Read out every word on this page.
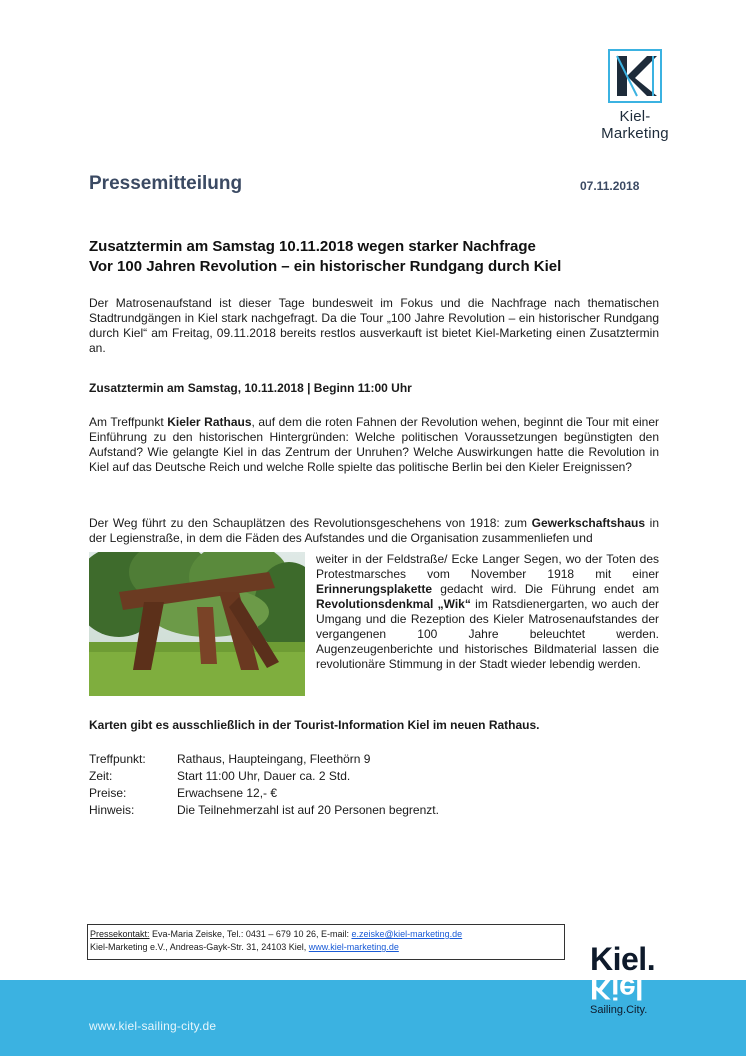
Kiel-Marketing
Pressemitteilung	07.11.2018
Zusatztermin am Samstag 10.11.2018 wegen starker Nachfrage
Vor 100 Jahren Revolution – ein historischer Rundgang durch Kiel
Der Matrosenaufstand ist dieser Tage bundesweit im Fokus und die Nachfrage nach thematischen Stadtrundgängen in Kiel stark nachgefragt. Da die Tour „100 Jahre Revolution – ein historischer Rundgang durch Kiel“ am Freitag, 09.11.2018 bereits restlos ausverkauft ist bietet Kiel-Marketing einen Zusatztermin an.
Zusatztermin am Samstag, 10.11.2018 | Beginn 11:00 Uhr
Am Treffpunkt Kieler Rathaus, auf dem die roten Fahnen der Revolution wehen, beginnt die Tour mit einer Einführung zu den historischen Hintergründen: Welche politischen Voraussetzungen begünstigten den Aufstand? Wie gelangte Kiel in das Zentrum der Unruhen? Welche Auswirkungen hatte die Revolution in Kiel auf das Deutsche Reich und welche Rolle spielte das politische Berlin bei den Kieler Ereignissen?
Der Weg führt zu den Schauplätzen des Revolutionsgeschehens von 1918: zum Gewerkschaftshaus in der Legienstraße, in dem die Fäden des Aufstandes und die Organisation zusammenliefen und
weiter in der Feldstraße/ Ecke Langer Segen, wo der Toten des Protestmarsches vom November 1918 mit einer Erinnerungsplakette gedacht wird. Die Führung endet am Revolutionsdenkmal „Wik“ im Ratsdienergarten, wo auch der Umgang und die Rezeption des Kieler Matrosenaufstandes der vergangenen 100 Jahre beleuchtet werden. Augenzeugenberichte und historisches Bildmaterial lassen die revolutionäre Stimmung in der Stadt wieder lebendig werden.
Karten gibt es ausschließlich in der Tourist-Information Kiel im neuen Rathaus.
Treffpunkt:	Rathaus, Haupteingang, Fleethörn 9
Zeit:	Start 11:00 Uhr, Dauer ca. 2 Std.
Preise:	Erwachsene 12,- €
Hinweis:	Die Teilnehmerzahl ist auf 20 Personen begrenzt.
Pressekontakt: Eva-Maria Zeiske, Tel.: 0431 – 679 10 26, E-mail: e.zeiske@kiel-marketing.de
Kiel-Marketing e.V., Andreas-Gayk-Str. 31, 24103 Kiel, www.kiel-marketing.de
www.kiel-sailing-city.de
Kiel.
Kiel
Sailing.City.
